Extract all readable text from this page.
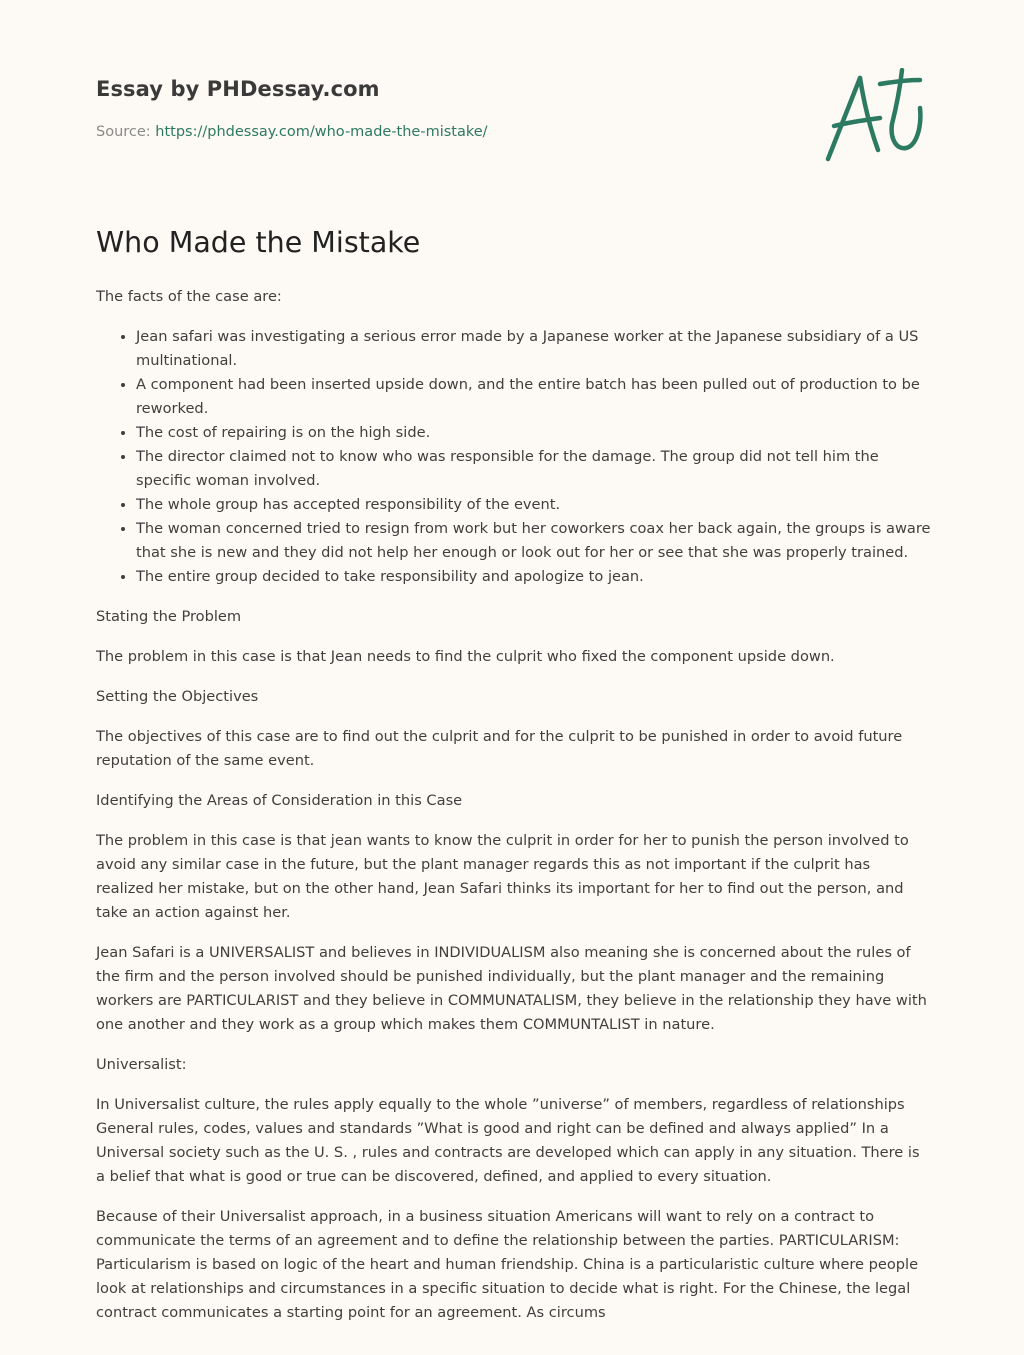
Essay by PHDessay.com

Source: https://phdessay.com/who-made-the-mistake/

Who Made the Mistake

The facts of the case are:

• Jean safari was investigating a serious error made by a Japanese worker at the Japanese subsidiary of a US multinational.
• A component had been inserted upside down, and the entire batch has been pulled out of production to be reworked.
• The cost of repairing is on the high side.
• The director claimed not to know who was responsible for the damage. The group did not tell him the specific woman involved.
• The whole group has accepted responsibility of the event.
• The woman concerned tried to resign from work but her coworkers coax her back again, the groups is aware that she is new and they did not help her enough or look out for her or see that she was properly trained.
• The entire group decided to take responsibility and apologize to jean.

Stating the Problem

The problem in this case is that Jean needs to find the culprit who fixed the component upside down.

Setting the Objectives

The objectives of this case are to find out the culprit and for the culprit to be punished in order to avoid future reputation of the same event.

Identifying the Areas of Consideration in this Case

The problem in this case is that jean wants to know the culprit in order for her to punish the person involved to avoid any similar case in the future, but the plant manager regards this as not important if the culprit has realized her mistake, but on the other hand, Jean Safari thinks its important for her to find out the person, and take an action against her.

Jean Safari is a UNIVERSALIST and believes in INDIVIDUALISM also meaning she is concerned about the rules of the firm and the person involved should be punished individually, but the plant manager and the remaining workers are PARTICULARIST and they believe in COMMUNATALISM, they believe in the relationship they have with one another and they work as a group which makes them COMMUNTALIST in nature.

Universalist:

In Universalist culture, the rules apply equally to the whole ”universe” of members, regardless of relationships General rules, codes, values and standards ”What is good and right can be defined and always applied” In a Universal society such as the U. S. , rules and contracts are developed which can apply in any situation. There is a belief that what is good or true can be discovered, defined, and applied to every situation.

Because of their Universalist approach, in a business situation Americans will want to rely on a contract to communicate the terms of an agreement and to define the relationship between the parties. PARTICULARISM: Particularism is based on logic of the heart and human friendship. China is a particularistic culture where people look at relationships and circumstances in a specific situation to decide what is right. For the Chinese, the legal contract communicates a starting point for an agreement. As circums
